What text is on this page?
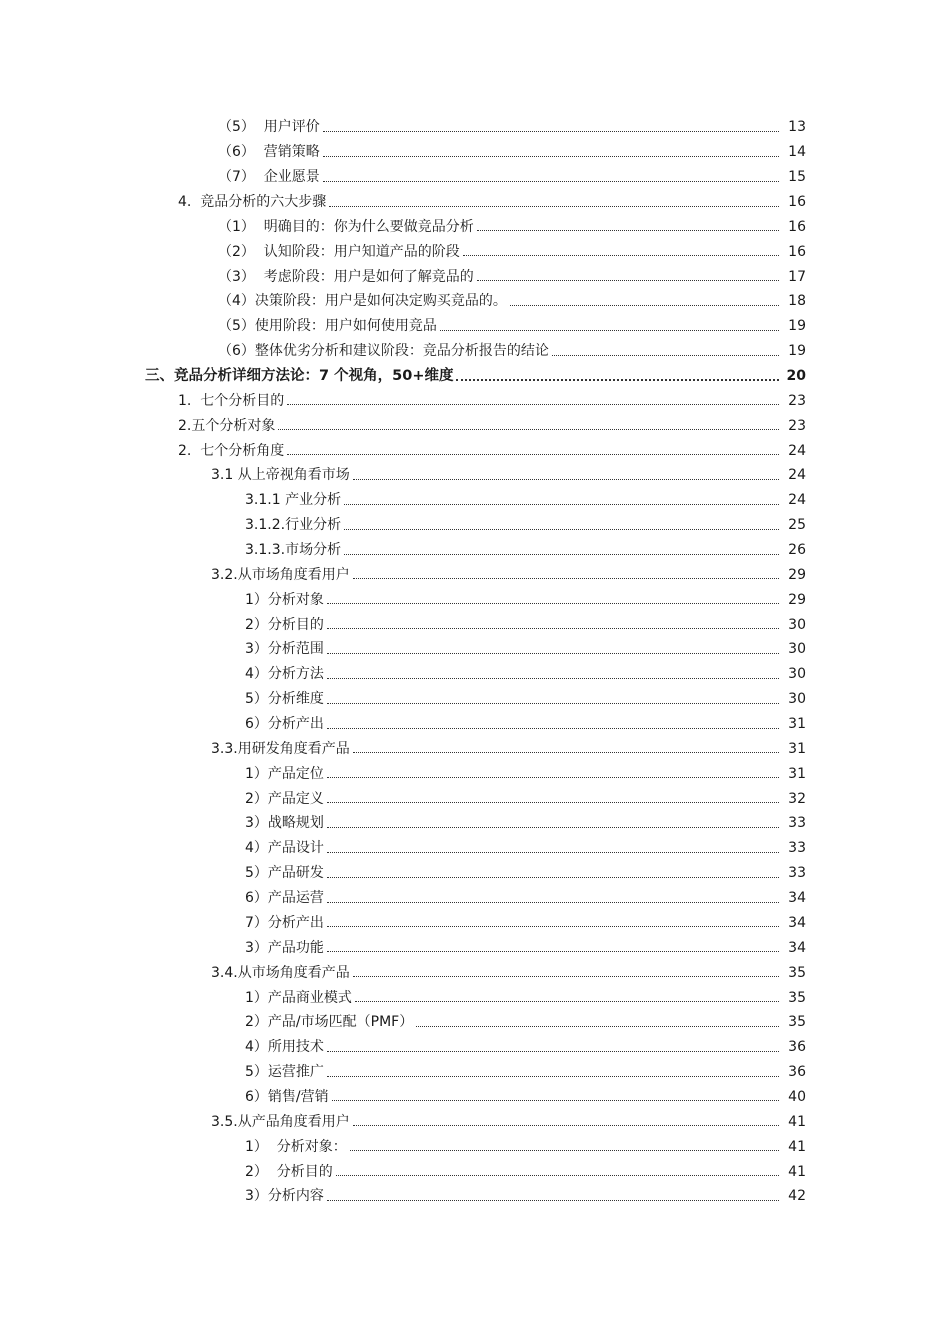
（5）  用户评价	13
（6）  营销策略	14
（7）  企业愿景	15
4.  竞品分析的六大步骤	16
（1）  明确目的：你为什么要做竞品分析	16
（2）  认知阶段：用户知道产品的阶段	16
（3）  考虑阶段：用户是如何了解竞品的	17
（4）决策阶段：用户是如何决定购买竞品的。	18
（5）使用阶段：用户如何使用竞品	19
（6）整体优劣分析和建议阶段：竞品分析报告的结论	19
三、竞品分析详细方法论：7 个视角，50+维度	20
1.  七个分析目的	23
2.五个分析对象	23
2.  七个分析角度	24
3.1 从上帝视角看市场	24
3.1.1 产业分析	24
3.1.2.行业分析	25
3.1.3.市场分析	26
3.2.从市场角度看用户	29
1）分析对象	29
2）分析目的	30
3）分析范围	30
4）分析方法	30
5）分析维度	30
6）分析产出	31
3.3.用研发角度看产品	31
1）产品定位	31
2）产品定义	32
3）战略规划	33
4）产品设计	33
5）产品研发	33
6）产品运营	34
7）分析产出	34
3）产品功能	34
3.4.从市场角度看产品	35
1）产品商业模式	35
2）产品/市场匹配（PMF）	35
4）所用技术	36
5）运营推广	36
6）销售/营销	40
3.5.从产品角度看用户	41
1）  分析对象：	41
2）  分析目的	41
3）分析内容	42
